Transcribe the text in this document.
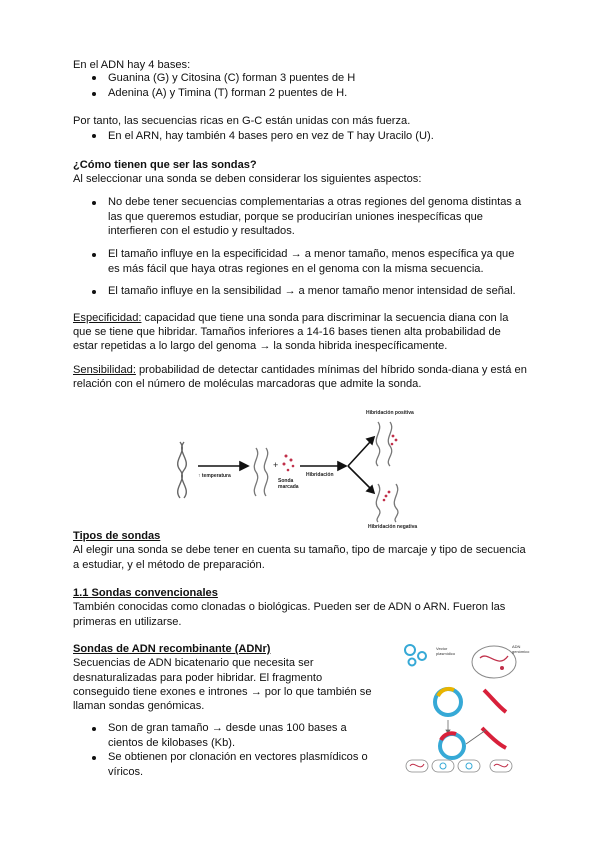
En el ADN hay 4 bases:
Guanina (G) y Citosina (C) forman 3 puentes de H
Adenina (A) y Timina (T) forman 2 puentes de H.
Por tanto, las secuencias ricas en G-C están unidas con más fuerza.
En el ARN, hay también 4 bases pero en vez de T hay Uracilo (U).
¿Cómo tienen que ser las sondas?
Al seleccionar una sonda se deben considerar los siguientes aspectos:
No debe tener secuencias complementarias a otras regiones del genoma distintas a
las que queremos estudiar, porque se producirían uniones inespecíficas que
interfieren con el estudio y resultados.
El tamaño influye en la especificidad → a menor tamaño, menos específica ya que
es más fácil que haya otras regiones en el genoma con la misma secuencia.
El tamaño influye en la sensibilidad → a menor tamaño menor intensidad de señal.
Especificidad: capacidad que tiene una sonda para discriminar la secuencia diana con la
que se tiene que hibridar. Tamaños inferiores a 14-16 bases tienen alta probabilidad de
estar repetidas a lo largo del genoma → la sonda hibrida inespecíficamente.
Sensibilidad: probabilidad de detectar cantidades mínimas del híbrido sonda-diana y está en
relación con el número de moléculas marcadoras que admite la sonda.
↑ temperatura
+
Sonda
marcada
Hibridación
Hibridación positiva
Hibridación negativa
Tipos de sondas
Al elegir una sonda se debe tener en cuenta su tamaño, tipo de marcaje y tipo de secuencia
a estudiar, y el método de preparación.
1.1 Sondas convencionales
También conocidas como clonadas o biológicas. Pueden ser de ADN o ARN. Fueron las
primeras en utilizarse.
Sondas de ADN recombinante (ADNr)
Secuencias de ADN bicatenario que necesita ser
desnaturalizadas para poder hibridar. El fragmento
conseguido tiene exones e intrones → por lo que también se
llaman sondas genómicas.
Son de gran tamaño → desde unas 100 bases a
cientos de kilobases (Kb).
Se obtienen por clonación en vectores plasmídicos o
víricos.
Vector
plasmídico
ADN
genómico
